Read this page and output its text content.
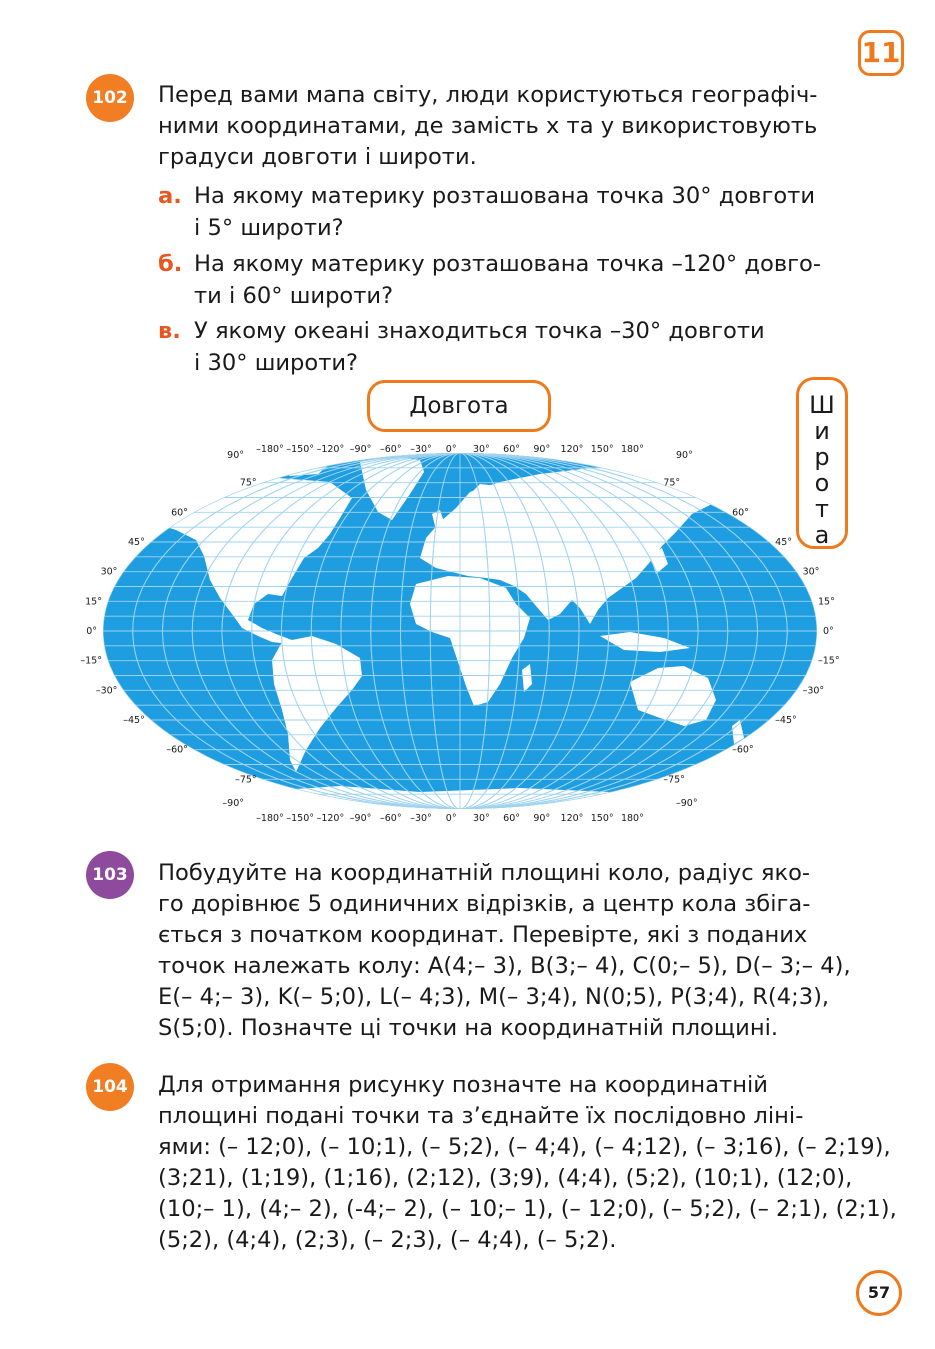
11
102 Перед вами мапа світу, люди користуються географіч-
ними координатами, де замість x та y використовують
градуси довготи і широти.
а. На якому материку розташована точка 30° довготи
і 5° широти?
б. На якому материку розташована точка –120° довго-
ти і 60° широти?
в. У якому океані знаходиться точка –30° довготи
і 30° широти?
Довгота	Ш
и
р
о
т
а
–180° –150° –120° –90° –60° –30° 0° 30° 60° 90° 120° 150° 180°
–180° –150° –120° –90° –60° –30° 0° 30° 60° 90° 120° 150° 180°
90°
75°
60°
45°
30°
15°
0°
–15°
–30°
–45°
–60°
–75°
–90°
90°
75°
60°
45°
30°
15°
0°
–15°
–30°
–45°
–60°
–75°
–90°
103 Побудуйте на координатній площині коло, радіус яко-
го дорівнює 5 одиничних відрізків, а центр кола збіга-
ється з початком координат. Перевірте, які з поданих
точок належать колу: A(4;– 3), B(3;– 4), C(0;– 5), D(– 3;– 4),
E(– 4;– 3), K(– 5;0), L(– 4;3), M(– 3;4), N(0;5), P(3;4), R(4;3),
S(5;0). Позначте ці точки на координатній площині.
104 Для отримання рисунку позначте на координатній
площині подані точки та з’єднайте їх послідовно ліні-
ями: (– 12;0), (– 10;1), (– 5;2), (– 4;4), (– 4;12), (– 3;16), (– 2;19),
(3;21), (1;19), (1;16), (2;12), (3;9), (4;4), (5;2), (10;1), (12;0),
(10;– 1), (4;– 2), (-4;– 2), (– 10;– 1), (– 12;0), (– 5;2), (– 2;1), (2;1),
(5;2), (4;4), (2;3), (– 2;3), (– 4;4), (– 5;2).
57
